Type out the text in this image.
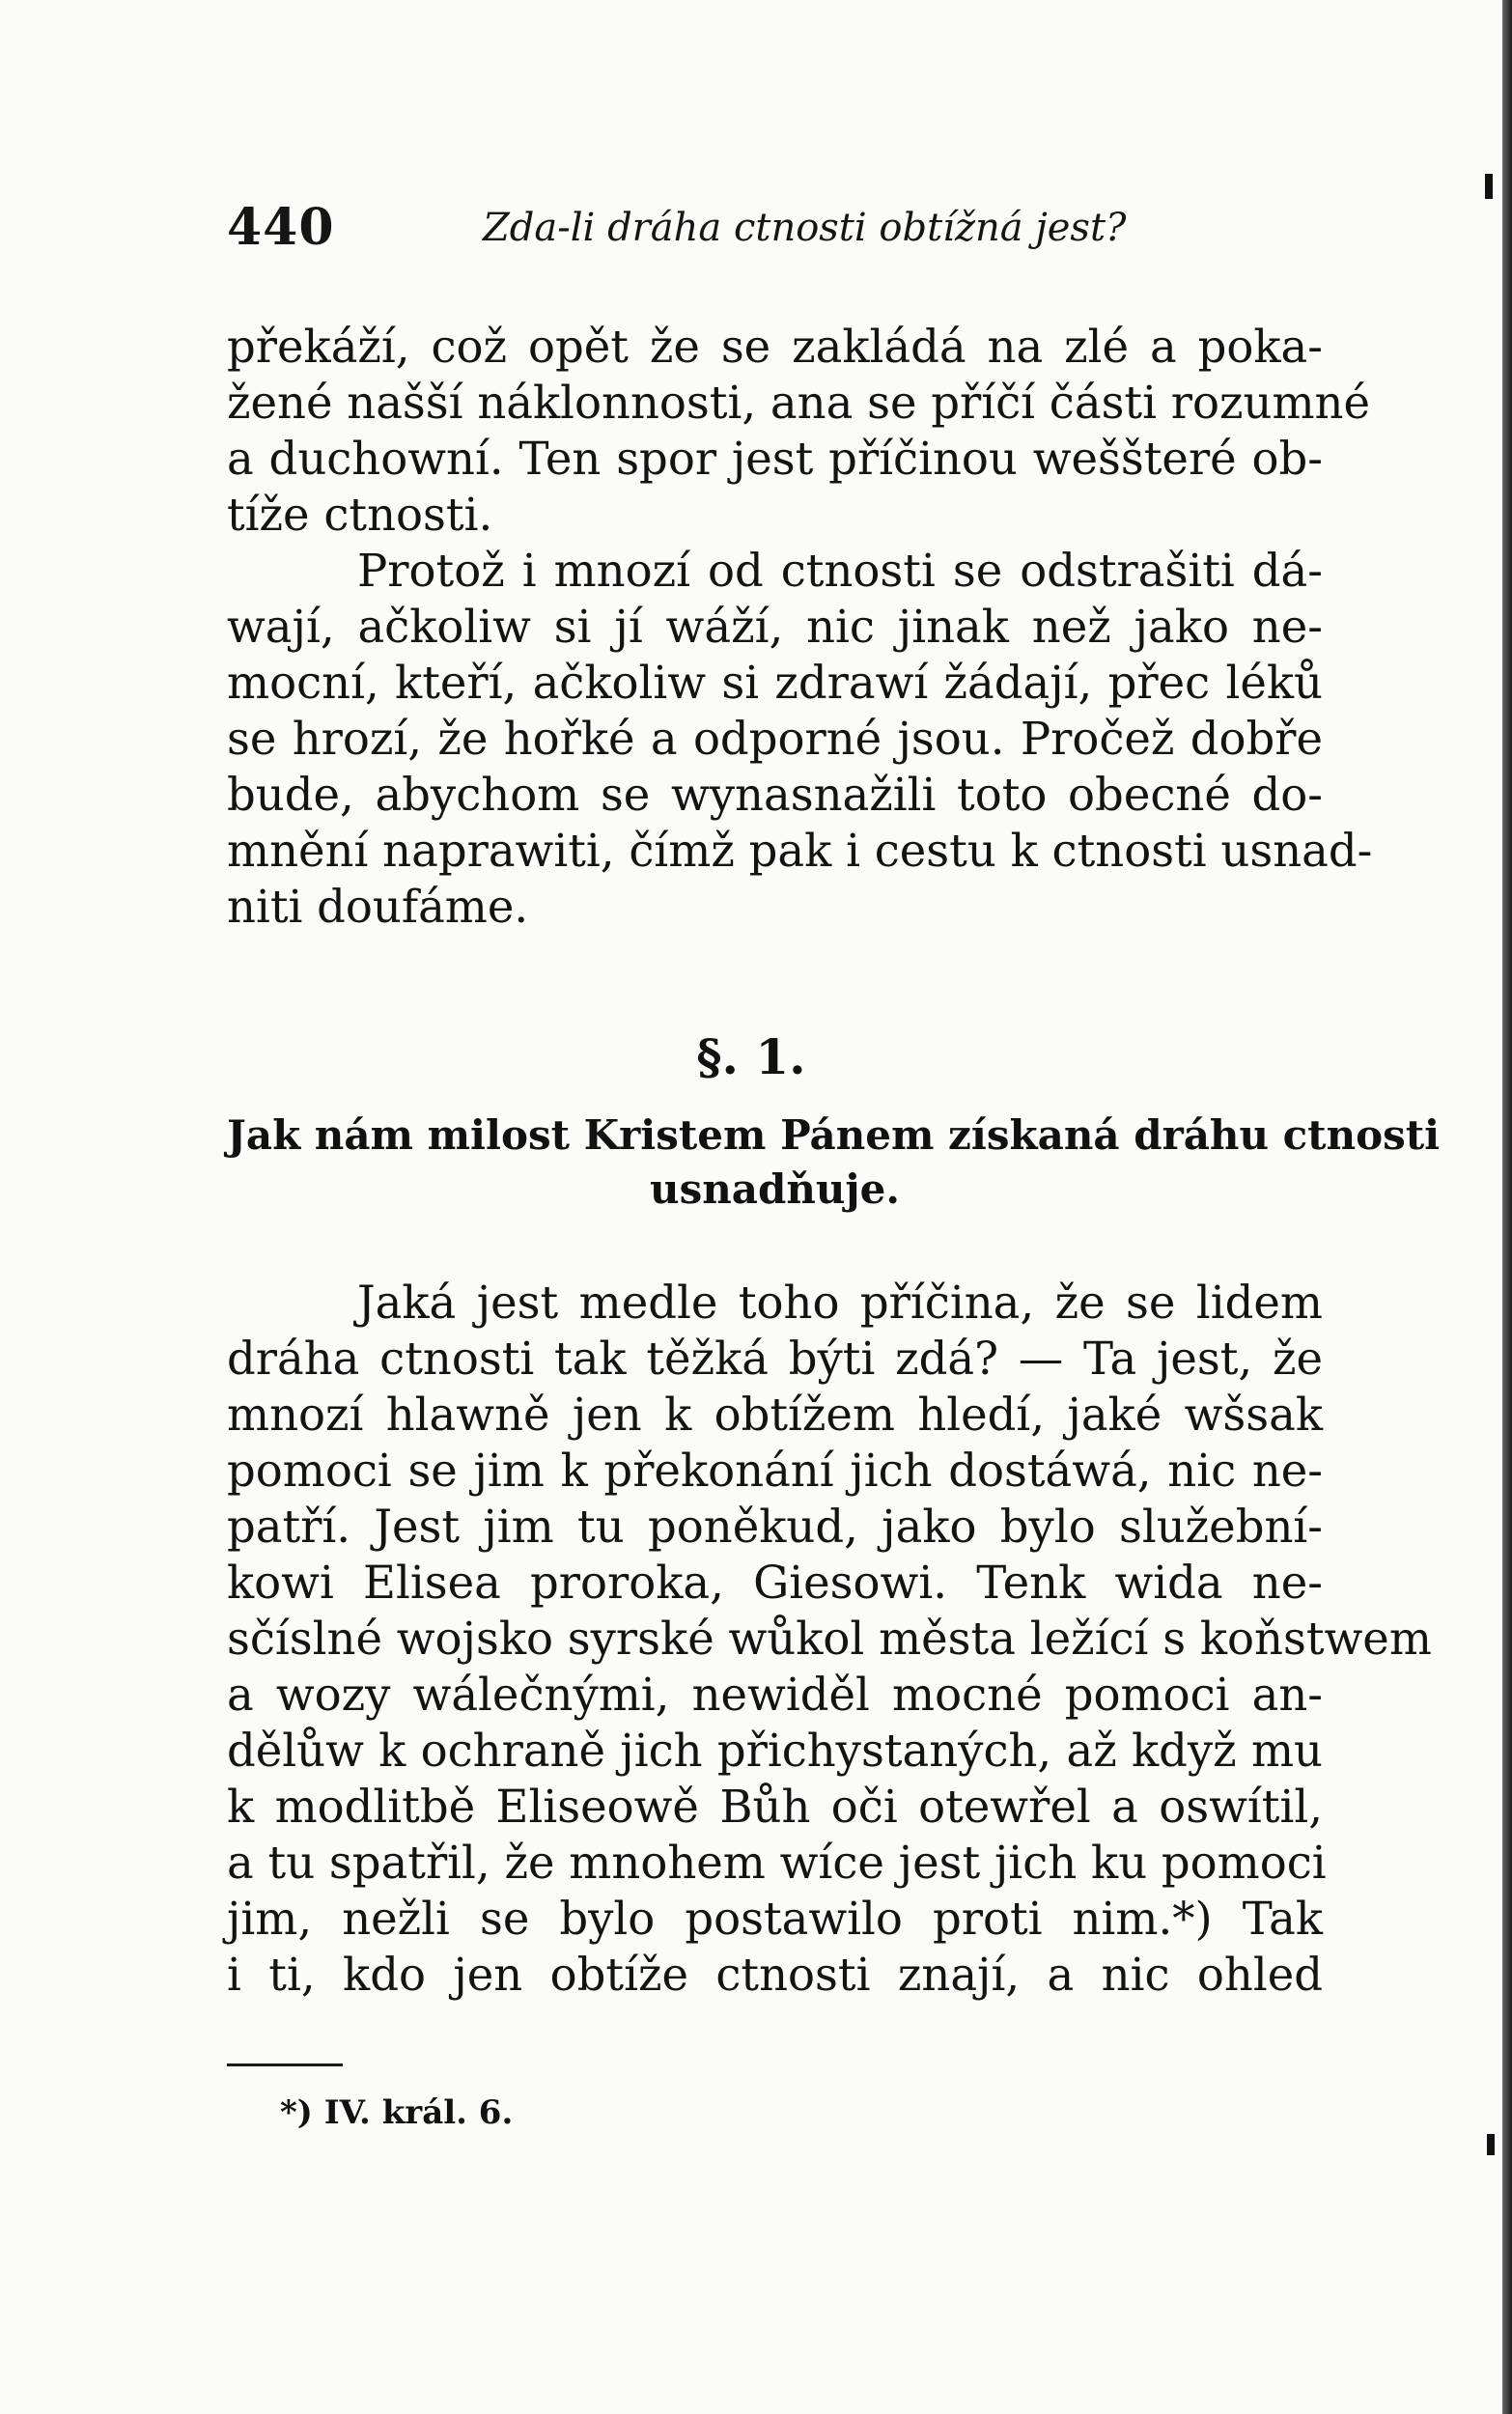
440	Zda-li dráha ctnosti obtížná jest?
překáží, což opět že se zakládá na zlé a poka-
žené našší náklonnosti, ana se příčí části rozumné
a duchowní. Ten spor jest příčinou weššteré ob-
tíže ctnosti.
Protož i mnozí od ctnosti se odstrašiti dá-
wají, ačkoliw si jí wáží, nic jinak než jako ne-
mocní, kteří, ačkoliw si zdrawí žádají, přec léků
se hrozí, že hořké a odporné jsou. Pročež dobře
bude, abychom se wynasnažili toto obecné do-
mnění naprawiti, čímž pak i cestu k ctnosti usnad-
niti doufáme.
§. 1.
Jak nám milost Kristem Pánem získaná dráhu ctnosti
usnadňuje.
Jaká jest medle toho příčina, že se lidem
dráha ctnosti tak těžká býti zdá? — Ta jest, že
mnozí hlawně jen k obtížem hledí, jaké wšsak
pomoci se jim k překonání jich dostáwá, nic ne-
patří. Jest jim tu poněkud, jako bylo služební-
kowi Elisea proroka, Giesowi. Tenk wida ne-
sčíslné wojsko syrské wůkol města ležící s koňstwem
a wozy wálečnými, newiděl mocné pomoci an-
dělůw k ochraně jich přichystaných, až když mu
k modlitbě Eliseowě Bůh oči otewřel a oswítil,
a tu spatřil, že mnohem wíce jest jich ku pomoci
jim, nežli se bylo postawilo proti nim.*) Tak
i ti, kdo jen obtíže ctnosti znají, a nic ohled
*) IV. král. 6.
